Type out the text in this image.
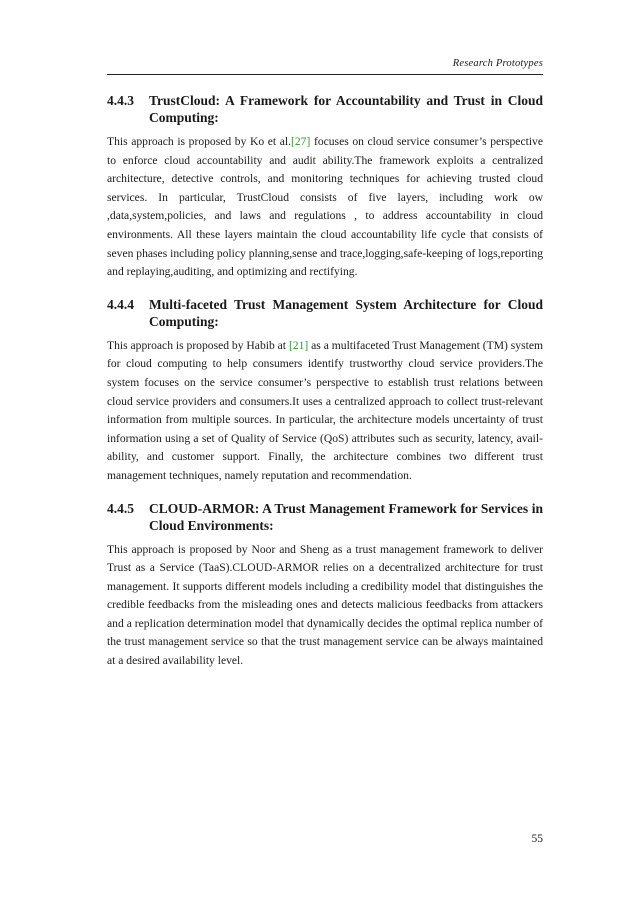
Research Prototypes
4.4.3	TrustCloud: A Framework for Accountability and Trust in Cloud Computing:
This approach is proposed by Ko et al.[27] focuses on cloud service consumer’s perspective to enforce cloud accountability and audit ability.The framework exploits a centralized architecture, detective controls, and monitoring techniques for achieving trusted cloud services. In particular, TrustCloud consists of five layers, including work ow ,data,system,policies, and laws and regulations , to address accountability in cloud environments. All these layers maintain the cloud accountability life cycle that consists of seven phases including policy planning,sense and trace,logging,safe-keeping of logs,reporting and replaying,auditing, and optimizing and rectifying.
4.4.4	Multi-faceted Trust Management System Architecture for Cloud Computing:
This approach is proposed by Habib at [21] as a multifaceted Trust Management (TM) system for cloud computing to help consumers identify trustworthy cloud service providers.The system focuses on the service consumer’s perspective to establish trust relations between cloud service providers and consumers.It uses a centralized approach to collect trust-relevant information from multiple sources. In particular, the architecture models uncertainty of trust information using a set of Quality of Service (QoS) attributes such as security, latency, avail- ability, and customer support. Finally, the architecture combines two different trust management techniques, namely reputation and recommendation.
4.4.5	CLOUD-ARMOR: A Trust Management Framework for Services in Cloud Environments:
This approach is proposed by Noor and Sheng as a trust management framework to deliver Trust as a Service (TaaS).CLOUD-ARMOR relies on a decentralized architecture for trust management. It supports different models including a credibility model that distinguishes the credible feedbacks from the misleading ones and detects malicious feedbacks from attackers and a replication determination model that dynamically decides the optimal replica number of the trust management service so that the trust management service can be always maintained at a desired availability level.
55
